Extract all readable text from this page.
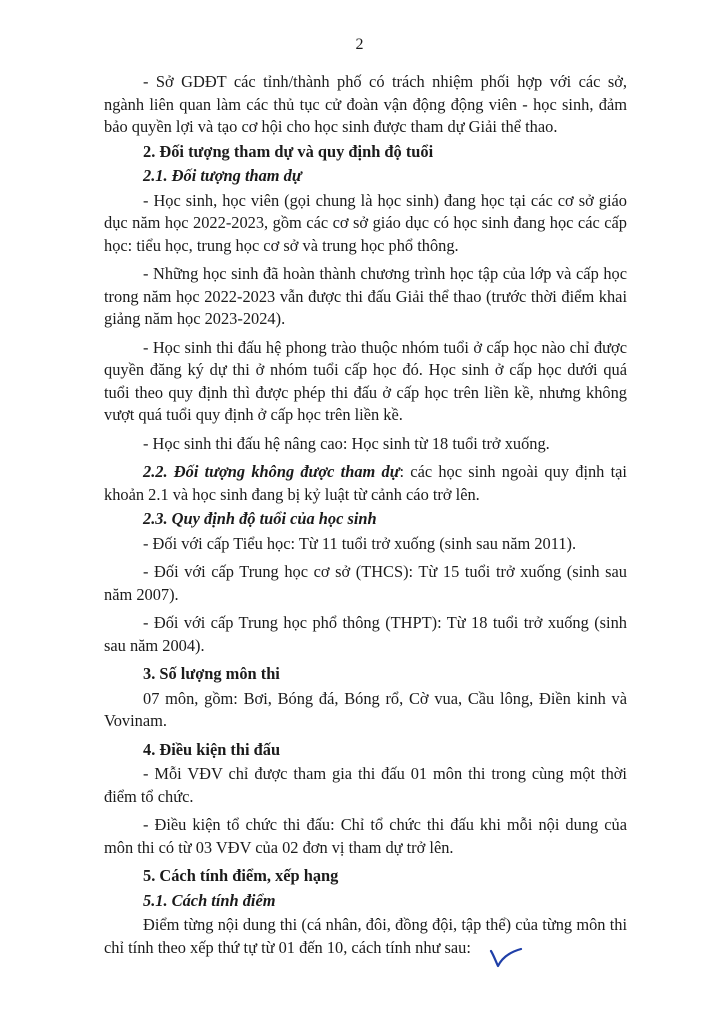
2

- Sở GDĐT các tỉnh/thành phố có trách nhiệm phối hợp với các sở, ngành liên quan làm các thủ tục cử đoàn vận động động viên - học sinh, đảm bảo quyền lợi và tạo cơ hội cho học sinh được tham dự Giải thể thao.

2. Đối tượng tham dự và quy định độ tuổi

2.1. Đối tượng tham dự

- Học sinh, học viên (gọi chung là học sinh) đang học tại các cơ sở giáo dục năm học 2022-2023, gồm các cơ sở giáo dục có học sinh đang học các cấp học: tiểu học, trung học cơ sở và trung học phổ thông.

- Những học sinh đã hoàn thành chương trình học tập của lớp và cấp học trong năm học 2022-2023 vẫn được thi đấu Giải thể thao (trước thời điểm khai giảng năm học 2023-2024).

- Học sinh thi đấu hệ phong trào thuộc nhóm tuổi ở cấp học nào chỉ được quyền đăng ký dự thi ở nhóm tuổi cấp học đó. Học sinh ở cấp học dưới quá tuổi theo quy định thì được phép thi đấu ở cấp học trên liền kề, nhưng không vượt quá tuổi quy định ở cấp học trên liền kề.

- Học sinh thi đấu hệ nâng cao: Học sinh từ 18 tuổi trở xuống.

2.2. Đối tượng không được tham dự: các học sinh ngoài quy định tại khoản 2.1 và học sinh đang bị kỷ luật từ cảnh cáo trở lên.

2.3. Quy định độ tuổi của học sinh

- Đối với cấp Tiểu học: Từ 11 tuổi trở xuống (sinh sau năm 2011).

- Đối với cấp Trung học cơ sở (THCS): Từ 15 tuổi trở xuống (sinh sau năm 2007).

- Đối với cấp Trung học phổ thông (THPT): Từ 18 tuổi trở xuống (sinh sau năm 2004).

3. Số lượng môn thi

07 môn, gồm: Bơi, Bóng đá, Bóng rổ, Cờ vua, Cầu lông, Điền kinh và Vovinam.

4. Điều kiện thi đấu

- Mỗi VĐV chỉ được tham gia thi đấu 01 môn thi trong cùng một thời điểm tổ chức.

- Điều kiện tổ chức thi đấu: Chỉ tổ chức thi đấu khi mỗi nội dung của môn thi có từ 03 VĐV của 02 đơn vị tham dự trở lên.

5. Cách tính điểm, xếp hạng

5.1. Cách tính điểm

Điểm từng nội dung thi (cá nhân, đôi, đồng đội, tập thể) của từng môn thi chỉ tính theo xếp thứ tự từ 01 đến 10, cách tính như sau:
